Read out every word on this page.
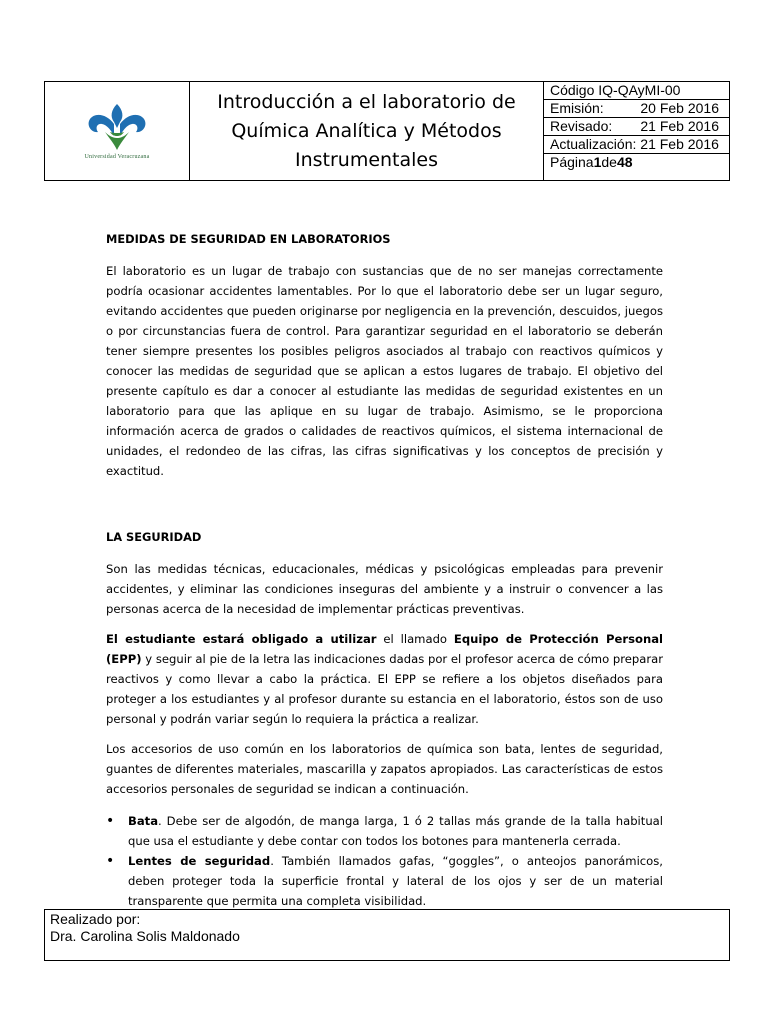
Universidad Veracruzana
Introducción a el laboratorio de Química Analítica y Métodos Instrumentales
Código IQ-QAyMI-00
Emisión:	20 Feb 2016
Revisado:	21 Feb 2016
Actualización:
21 Feb 2016
Página 1 de 48

MEDIDAS DE SEGURIDAD EN LABORATORIOS

El laboratorio es un lugar de trabajo con sustancias que de no ser manejas correctamente podría ocasionar accidentes lamentables. Por lo que el laboratorio debe ser un lugar seguro, evitando accidentes que pueden originarse por negligencia en la prevención, descuidos, juegos o por circunstancias fuera de control. Para garantizar seguridad en el laboratorio se deberán tener siempre presentes los posibles peligros asociados al trabajo con reactivos químicos y conocer las medidas de seguridad que se aplican a estos lugares de trabajo. El objetivo del presente capítulo es dar a conocer al estudiante las medidas de seguridad existentes en un laboratorio para que las aplique en su lugar de trabajo. Asimismo, se le proporciona información acerca de grados o calidades de reactivos químicos, el sistema internacional de unidades, el redondeo de las cifras, las cifras significativas y los conceptos de precisión y exactitud.

LA SEGURIDAD

Son las medidas técnicas, educacionales, médicas y psicológicas empleadas para prevenir accidentes, y eliminar las condiciones inseguras del ambiente y a instruir o convencer a las personas acerca de la necesidad de implementar prácticas preventivas.

El estudiante estará obligado a utilizar el llamado Equipo de Protección Personal (EPP) y seguir al pie de la letra las indicaciones dadas por el profesor acerca de cómo preparar reactivos y como llevar a cabo la práctica. El EPP se refiere a los objetos diseñados para proteger a los estudiantes y al profesor durante su estancia en el laboratorio, éstos son de uso personal y podrán variar según lo requiera la práctica a realizar.

Los accesorios de uso común en los laboratorios de química son bata, lentes de seguridad, guantes de diferentes materiales, mascarilla y zapatos apropiados. Las características de estos accesorios personales de seguridad se indican a continuación.

• Bata. Debe ser de algodón, de manga larga, 1 ó 2 tallas más grande de la talla habitual que usa el estudiante y debe contar con todos los botones para mantenerla cerrada.
• Lentes de seguridad. También llamados gafas, “goggles”, o anteojos panorámicos, deben proteger toda la superficie frontal y lateral de los ojos y ser de un material transparente que permita una completa visibilidad.
Realizado por:
Dra. Carolina Solis Maldonado
